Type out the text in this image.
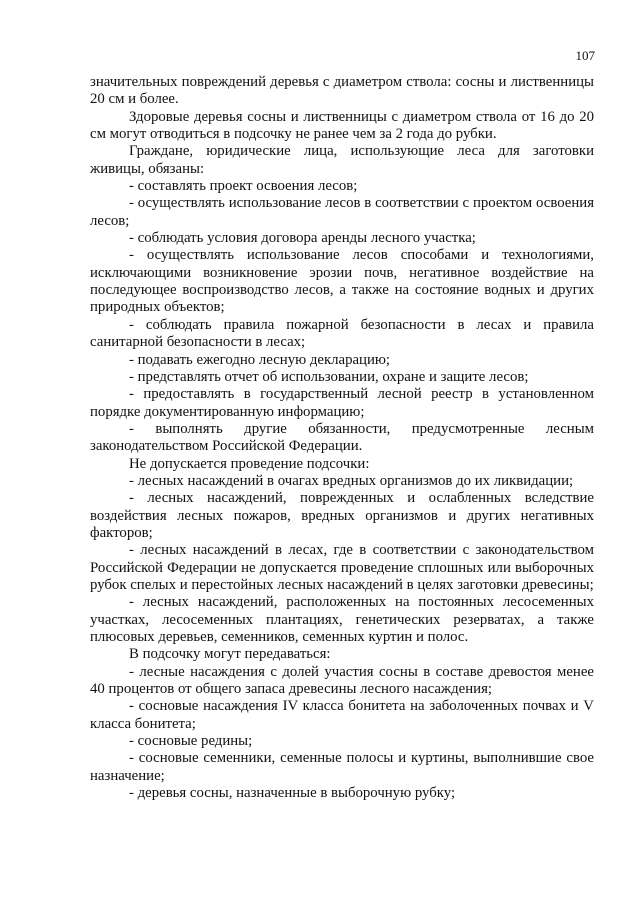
107

значительных повреждений деревья с диаметром ствола: сосны и лиственницы 20 см и более.

Здоровые деревья сосны и лиственницы с диаметром ствола от 16 до 20 см могут отводиться в подсочку не ранее чем за 2 года до рубки.

Граждане, юридические лица, использующие леса для заготовки живицы, обязаны:

- составлять проект освоения лесов;

- осуществлять использование лесов в соответствии с проектом освоения лесов;

- соблюдать условия договора аренды лесного участка;

- осуществлять использование лесов способами и технологиями, исключающими возникновение эрозии почв, негативное воздействие на последующее воспроизводство лесов, а также на состояние водных и других природных объектов;

- соблюдать правила пожарной безопасности в лесах и правила санитарной безопасности в лесах;

- подавать ежегодно лесную декларацию;

- представлять отчет об использовании, охране и защите лесов;

- предоставлять в государственный лесной реестр в установленном порядке документированную информацию;

- выполнять другие обязанности, предусмотренные лесным законодательством Российской Федерации.

Не допускается проведение подсочки:

- лесных насаждений в очагах вредных организмов до их ликвидации;

- лесных насаждений, поврежденных и ослабленных вследствие воздействия лесных пожаров, вредных организмов и других негативных факторов;

- лесных насаждений в лесах, где в соответствии с законодательством Российской Федерации не допускается проведение сплошных или выборочных рубок спелых и перестойных лесных насаждений в целях заготовки древесины;

- лесных насаждений, расположенных на постоянных лесосеменных участках, лесосеменных плантациях, генетических резерватах, а также плюсовых деревьев, семенников, семенных куртин и полос.

В подсочку могут передаваться:

- лесные насаждения с долей участия сосны в составе древостоя менее 40 процентов от общего запаса древесины лесного насаждения;

- сосновые насаждения IV класса бонитета на заболоченных почвах и V класса бонитета;

- сосновые редины;

- сосновые семенники, семенные полосы и куртины, выполнившие свое назначение;

- деревья сосны, назначенные в выборочную рубку;
